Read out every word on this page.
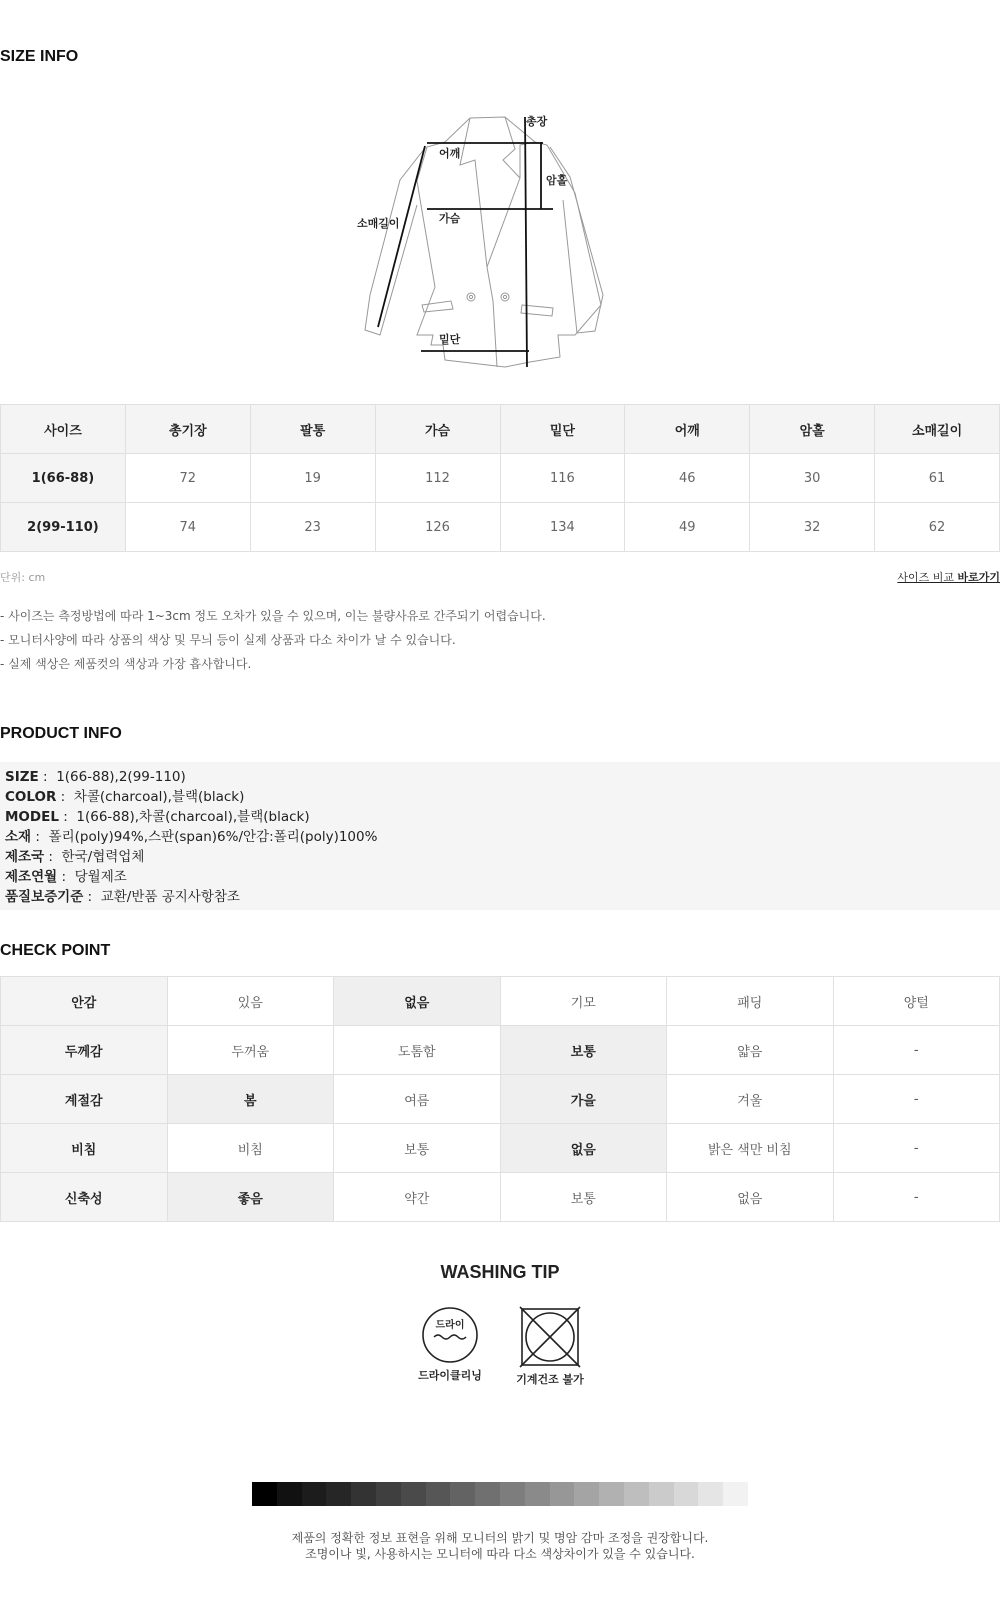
SIZE INFO
총장
어깨
암홀
가슴
소매길이
밑단
사이즈	총기장	팔통	가슴	밑단	어깨	암홀	소매길이
1(66-88)	72	19	112	116	46	30	61
2(99-110)	74	23	126	134	49	32	62
단위: cm	사이즈 비교 바로가기
- 사이즈는 측정방법에 따라 1~3cm 정도 오차가 있을 수 있으며, 이는 불량사유로 간주되기 어렵습니다.
- 모니터사양에 따라 상품의 색상 및 무늬 등이 실제 상품과 다소 차이가 날 수 있습니다.
- 실제 색상은 제품컷의 색상과 가장 흡사합니다.
PRODUCT INFO
SIZE :  1(66-88),2(99-110)
COLOR :  차콜(charcoal),블랙(black)
MODEL :  1(66-88),차콜(charcoal),블랙(black)
소재 :  폴리(poly)94%,스판(span)6%/안감:폴리(poly)100%
제조국 :  한국/협력업체
제조연월 :  당월제조
품질보증기준 :  교환/반품 공지사항참조
CHECK POINT
안감	있음	없음	기모	패딩	양털
두께감	두꺼움	도톰함	보통	얇음	-
계절감	봄	여름	가을	겨울	-
비침	비침	보통	없음	밝은 색만 비침	-
신축성	좋음	약간	보통	없음	-
WASHING TIP
드라이
드라이클리닝	기계건조 불가
제품의 정확한 정보 표현을 위해 모니터의 밝기 및 명암 감마 조정을 권장합니다.
조명이나 빛, 사용하시는 모니터에 따라 다소 색상차이가 있을 수 있습니다.
